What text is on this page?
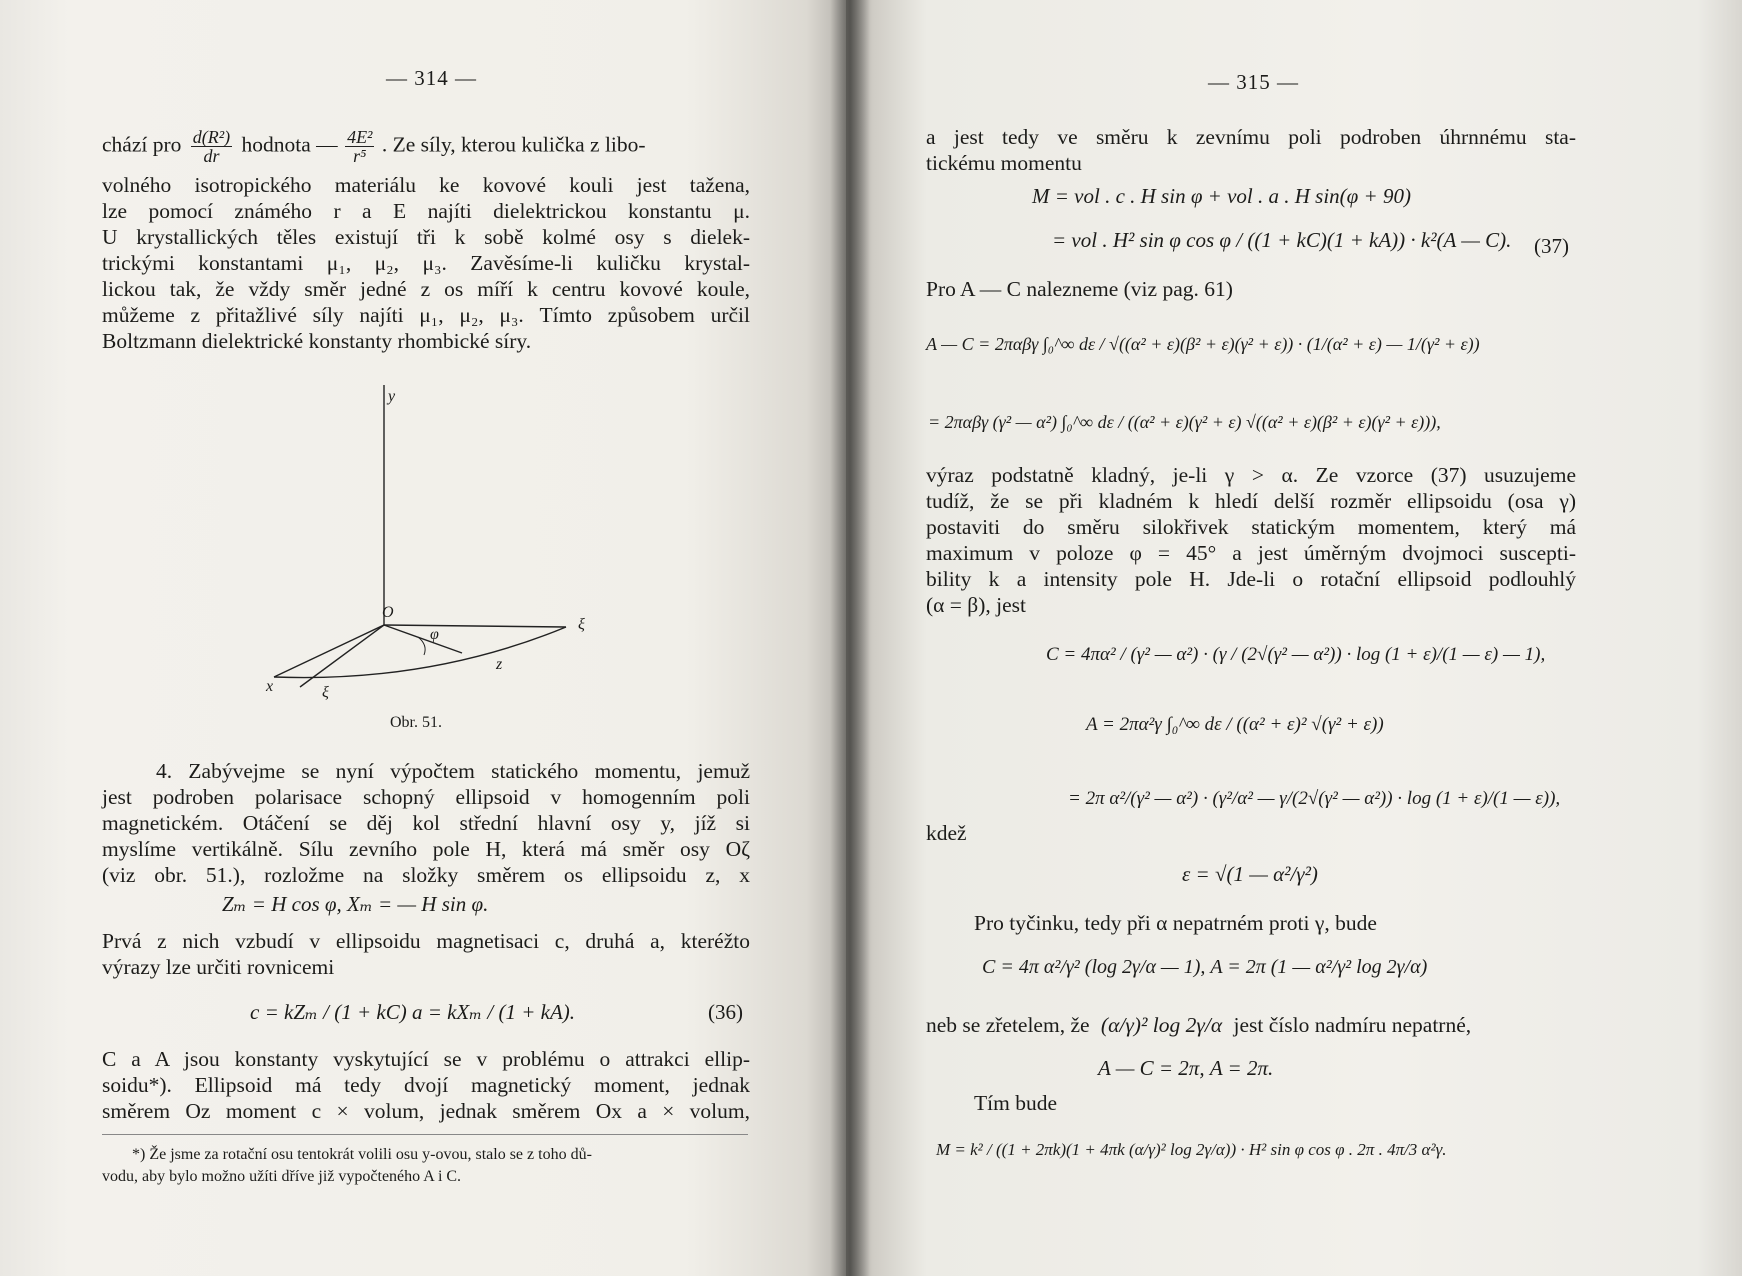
— 314 —
chází pro $\frac{\text{d(R²)}}{dr}$ hodnota — $\frac{\text{4E²}}{\text{r⁵}}$ . Ze síly, kterou kulička z libo-
volného isotropického materiálu ke kovové kouli jest tažena,
lze pomocí známého r a E najíti dielektrickou konstantu μ.
U krystallických těles existují tři k sobě kolmé osy s dielek-
trickými konstantami μ₁, μ₂, μ₃. Zavěsíme-li kuličku krystal-
lickou tak, že vždy směr jedné z os míří k centru kovové koule,
můžeme z přitažlivé síly najíti μ₁, μ₂, μ₃. Tímto způsobem určil
Boltzmann dielektrické konstanty rhombické síry.
y
O
ξ
φ
z
x	ξ
Obr. 51.
4. Zabývejme se nyní výpočtem statického momentu, jemuž
jest podroben polarisace schopný ellipsoid v homogenním poli
magnetickém. Otáčení se děj kol střední hlavní osy y, jíž si
myslíme vertikálně. Sílu zevního pole H, která má směr osy Oζ
(viz obr. 51.), rozložme na složky směrem os ellipsoidu z, x
Zₘ = H cos φ, Xₘ = — H sin φ.
Prvá z nich vzbudí v ellipsoidu magnetisaci c, druhá a, kteréžto
výrazy lze určiti rovnicemi
c = kZₘ / (1 + kC) a = kXₘ / (1 + kA).	(36)
C a A jsou konstanty vyskytující se v problému o attrakci ellip-
soidu*). Ellipsoid má tedy dvojí magnetický moment, jednak
směrem Oz moment c × volum, jednak směrem Ox a × volum,
*) Že jsme za rotační osu tentokrát volili osu y-ovou, stalo se z toho dů-
vodu, aby bylo možno užíti dříve již vypočteného A i C.
— 315 —
a jest tedy ve směru k zevnímu poli podroben úhrnnému sta-
tickému momentu
M = vol . c . H sin φ + vol . a . H sin(φ + 90)
= vol . H² sin φ cos φ / ((1 + kC)(1 + kA)) · k²(A — C). (37)
Pro A — C nalezneme (viz pag. 61)
A — C = 2παβγ ∫₀^∞ dε / √((α² + ε)(β² + ε)(γ² + ε)) · (1/(α² + ε) — 1/(γ² + ε))
= 2παβγ (γ² — α²) ∫₀^∞ dε / ((α² + ε)(γ² + ε) √((α² + ε)(β² + ε)(γ² + ε))),
výraz podstatně kladný, je-li γ > α. Ze vzorce (37) usuzujeme
tudíž, že se při kladném k hledí delší rozměr ellipsoidu (osa γ)
postaviti do směru silokřivek statickým momentem, který má
maximum v poloze φ = 45° a jest úměrným dvojmoci suscepti-
bility k a intensity pole H. Jde-li o rotační ellipsoid podlouhlý
(α = β), jest
C = 4πα² / (γ² — α²) · (γ / (2√(γ² — α²)) · log (1 + ε)/(1 — ε) — 1),
A = 2πα²γ ∫₀^∞ dε / ((α² + ε)² √(γ² + ε))
= 2π α²/(γ² — α²) · (γ²/α² — γ/(2√(γ² — α²)) · log (1 + ε)/(1 — ε)),
kdež
ε = √(1 — α²/γ²)
Pro tyčinku, tedy při α nepatrném proti γ, bude
C = 4π α²/γ² (log 2γ/α — 1), A = 2π (1 — α²/γ² log 2γ/α)
neb se zřetelem, že (α/γ)² log 2γ/α jest číslo nadmíru nepatrné,
A — C = 2π, A = 2π.
Tím bude
M = k² / ((1 + 2πk)(1 + 4πk (α/γ)² log 2γ/α)) · H² sin φ cos φ . 2π . 4π/3 α²γ.
